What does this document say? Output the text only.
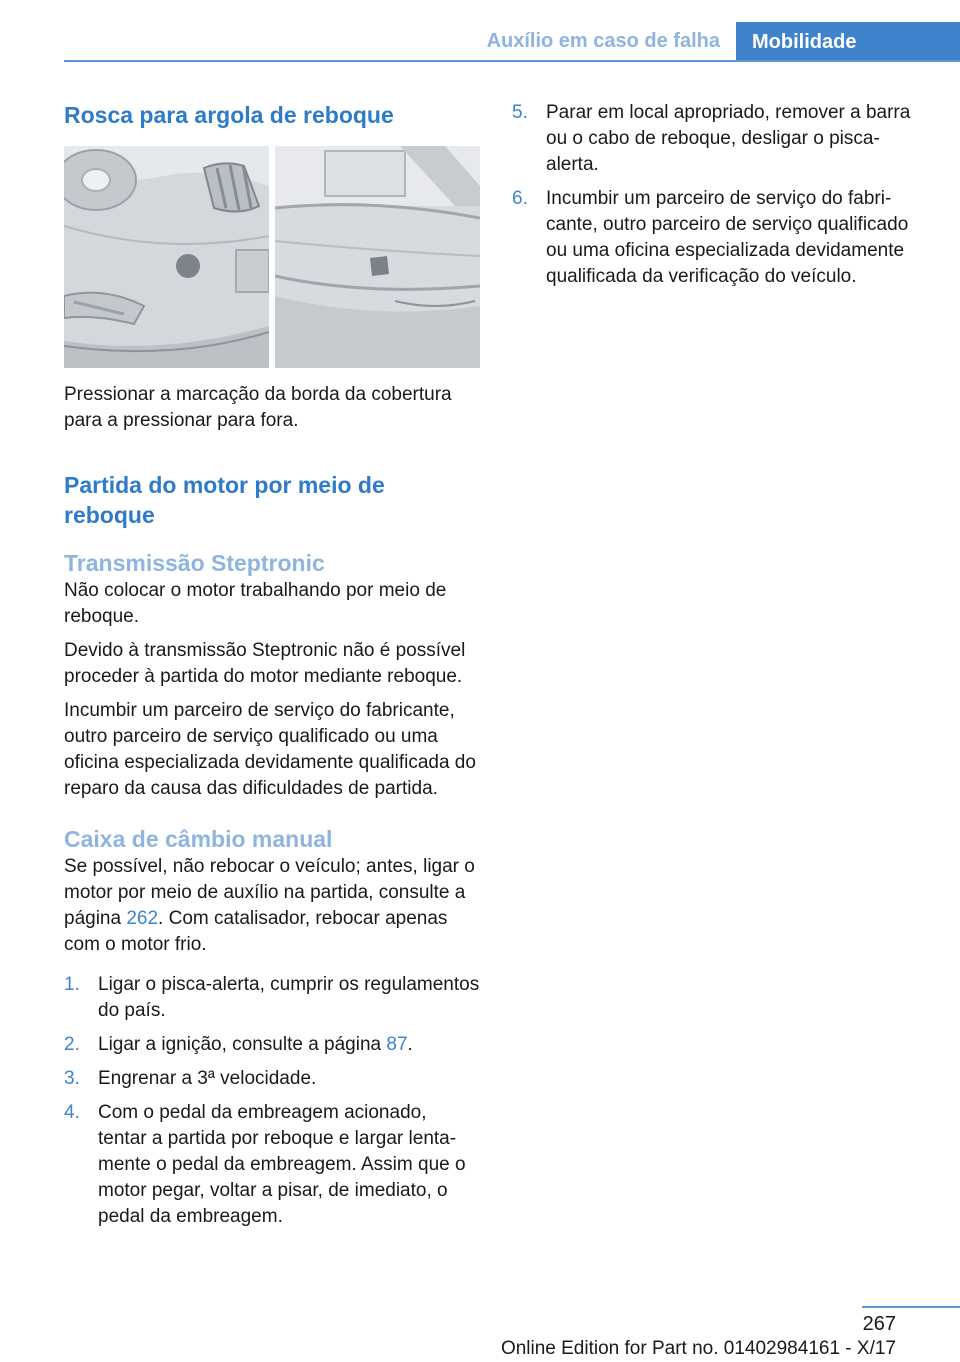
Auxílio em caso de falha	Mobilidade
Rosca para argola de reboque

Pressionar a marcação da borda da cobertura para a pressionar para fora.

Partida do motor por meio de reboque
Transmissão Steptronic

Não colocar o motor trabalhando por meio de reboque.

Devido à transmissão Steptronic não é possível proceder à partida do motor mediante reboque.

Incumbir um parceiro de serviço do fabricante, outro parceiro de serviço qualificado ou uma oficina especializada devidamente qualificada do reparo da causa das dificuldades de partida.

Caixa de câmbio manual

Se possível, não rebocar o veículo; antes, ligar o motor por meio de auxílio na partida, consulte a página 262. Com catalisador, rebocar apenas com o motor frio.

1. Ligar o pisca-alerta, cumprir os regulamentos do país.
2. Ligar a ignição, consulte a página 87.
3. Engrenar a 3ª velocidade.
4. Com o pedal da embreagem acionado, tentar a partida por reboque e largar lentamente o pedal da embreagem. Assim que o motor pegar, voltar a pisar, de imediato, o pedal da embreagem.
5. Parar em local apropriado, remover a barra ou o cabo de reboque, desligar o pisca-alerta.
6. Incumbir um parceiro de serviço do fabricante, outro parceiro de serviço qualificado ou uma oficina especializada devidamente qualificada da verificação do veículo.
267
Online Edition for Part no. 01402984161 - X/17
